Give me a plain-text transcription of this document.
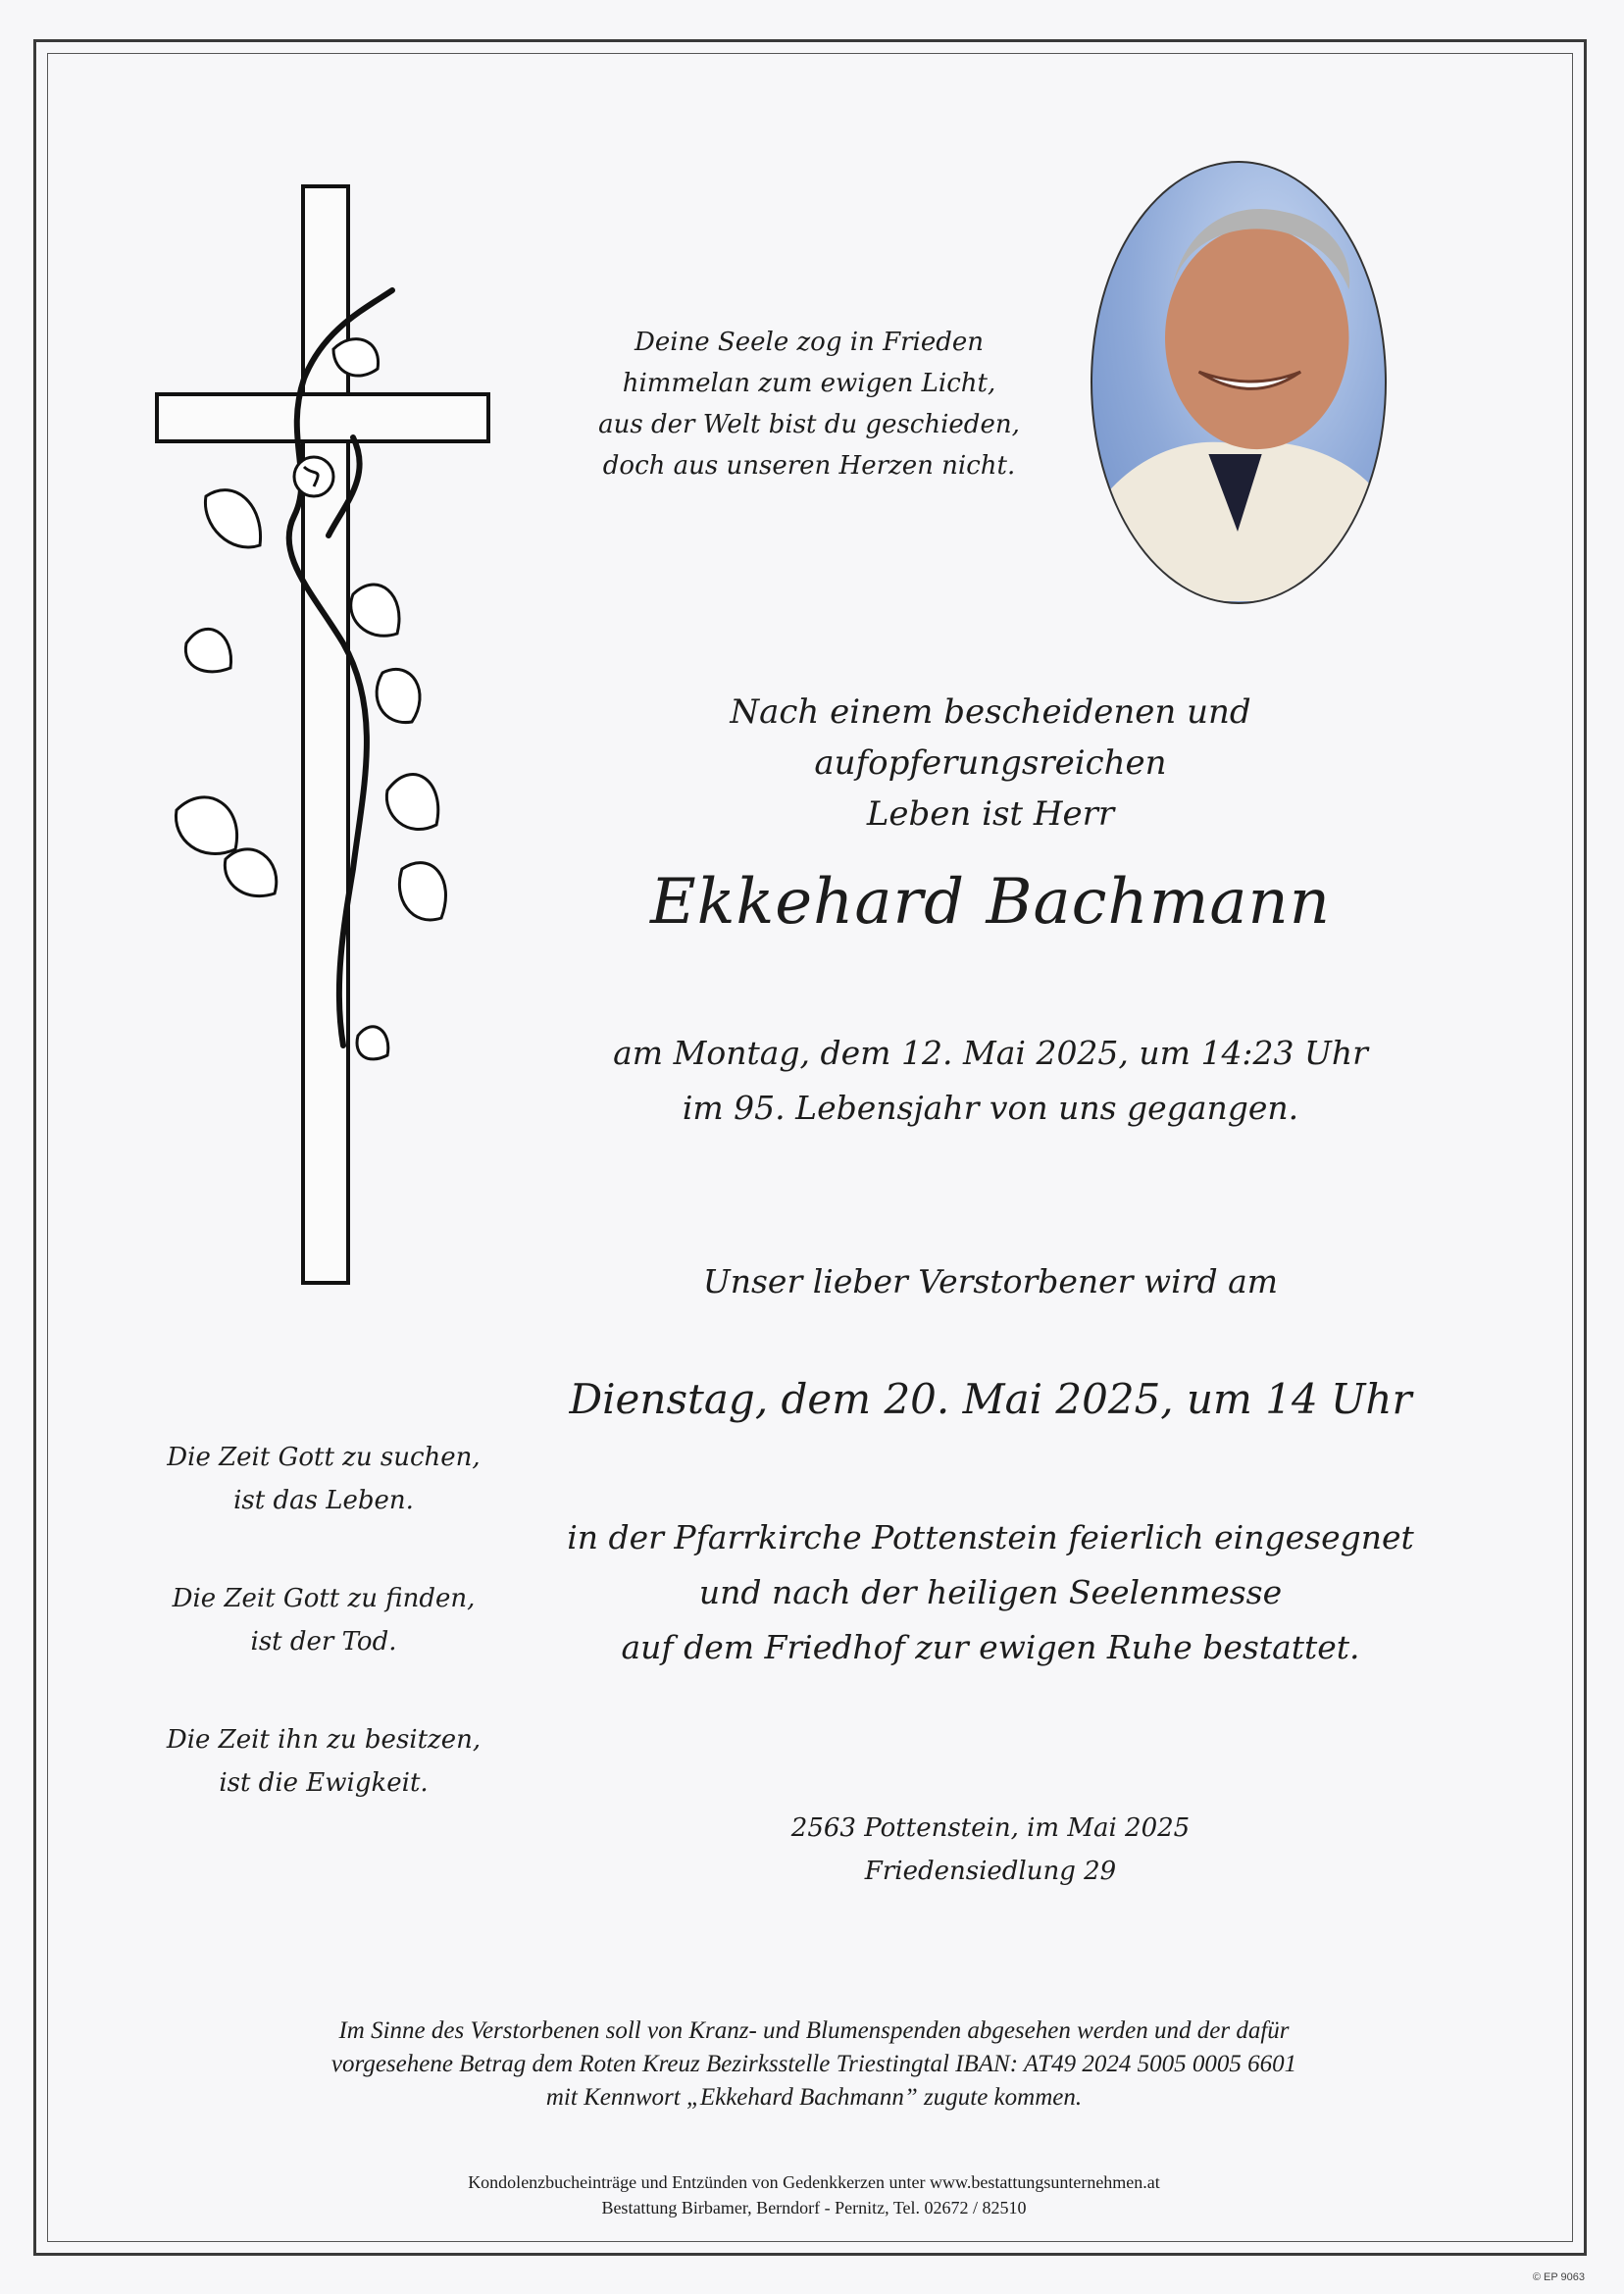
Deine Seele zog in Frieden
himmelan zum ewigen Licht,
aus der Welt bist du geschieden,
doch aus unseren Herzen nicht.
Nach einem bescheidenen und aufopferungsreichen
Leben ist Herr
Ekkehard Bachmann
am Montag, dem 12. Mai 2025, um 14:23 Uhr
im 95. Lebensjahr von uns gegangen.
Unser lieber Verstorbener wird am
Dienstag, dem 20. Mai 2025, um 14 Uhr
in der Pfarrkirche Pottenstein feierlich eingesegnet
und nach der heiligen Seelenmesse
auf dem Friedhof zur ewigen Ruhe bestattet.
2563 Pottenstein, im Mai 2025
Friedensiedlung 29
Die Zeit Gott zu suchen,
ist das Leben.
Die Zeit Gott zu finden,
ist der Tod.
Die Zeit ihn zu besitzen,
ist die Ewigkeit.
Im Sinne des Verstorbenen soll von Kranz- und Blumenspenden abgesehen werden und der dafür
vorgesehene Betrag dem Roten Kreuz Bezirksstelle Triestingtal IBAN: AT49 2024 5005 0005 6601
mit Kennwort „Ekkehard Bachmann” zugute kommen.
Kondolenzbucheinträge und Entzünden von Gedenkkerzen unter www.bestattungsunternehmen.at
Bestattung Birbamer, Berndorf - Pernitz, Tel. 02672 / 82510
© EP 9063
